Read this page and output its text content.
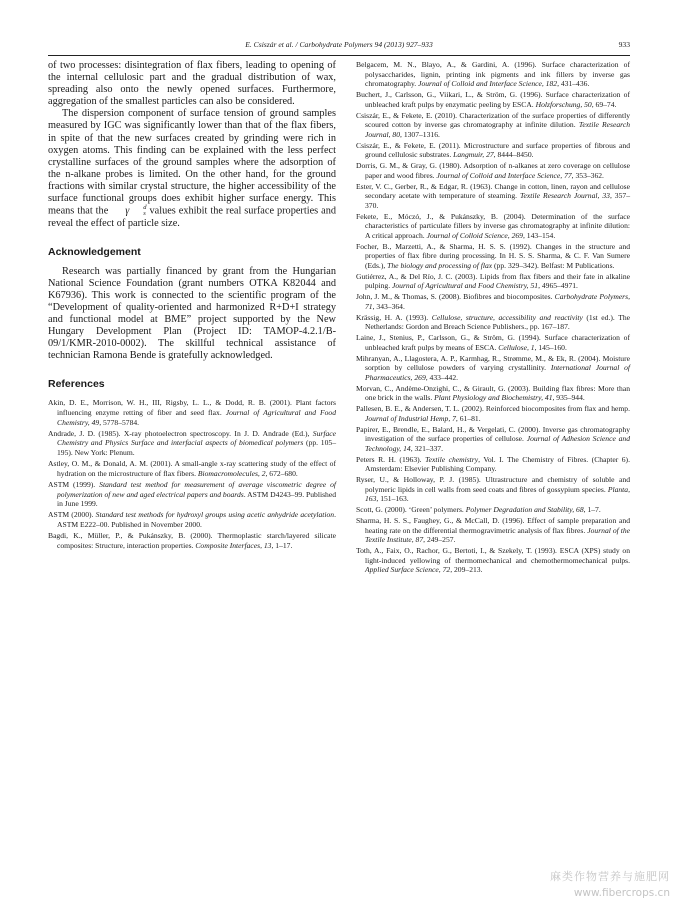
E. Csiszár et al. / Carbohydrate Polymers 94 (2013) 927–933	933

of two processes: disintegration of flax fibers, leading to opening of the internal cellulosic part and the gradual distribution of wax, spreading also onto the newly opened surfaces. Furthermore, aggregation of the smallest particles can also be considered.

The dispersion component of surface tension of ground samples measured by IGC was significantly lower than that of the flax fibers, in spite of that the new surfaces created by grinding were rich in oxygen atoms. This finding can be explained with the less perfect crystalline surfaces of the ground samples where the adsorption of the n-alkane probes is limited. On the other hand, for the ground fractions with similar crystal structure, the higher accessibility of the surface functional groups does exhibit higher surface energy. This means that the γ	d
s values exhibit the real surface properties and reveal the effect of particle size.

Acknowledgement

Research was partially financed by grant from the Hungarian National Science Foundation (grant numbers OTKA K82044 and K67936). This work is connected to the scientific program of the “Development of quality-oriented and harmonized R+D+I strategy and functional model at BME” project supported by the New Hungary Development Plan (Project ID: TAMOP-4.2.1/B-09/1/KMR-2010-0002). The skillful technical assistance of technician Ramona Bende is gratefully acknowledged.

References

Akin, D. E., Morrison, W. H., III, Rigsby, L. L., & Dodd, R. B. (2001). Plant factors influencing enzyme retting of fiber and seed flax. Journal of Agricultural and Food Chemistry, 49, 5778–5784.

Andrade, J. D. (1985). X-ray photoelectron spectroscopy. In J. D. Andrade (Ed.), Surface Chemistry and Physics Surface and interfacial aspects of biomedical polymers (pp. 105–195). New York: Plenum.

Astley, O. M., & Donald, A. M. (2001). A small-angle x-ray scattering study of the effect of hydration on the microstructure of flax fibers. Biomacromolecules, 2, 672–680.

ASTM (1999). Standard test method for measurement of average viscometric degree of polymerization of new and aged electrical papers and boards. ASTM D4243–99. Published in June 1999.

ASTM (2000). Standard test methods for hydroxyl groups using acetic anhydride acetylation. ASTM E222–00. Published in November 2000.

Bagdi, K., Müller, P., & Pukánszky, B. (2000). Thermoplastic starch/layered silicate composites: Structure, interaction properties. Composite Interfaces, 13, 1–17.

Belgacem, M. N., Blayo, A., & Gardini, A. (1996). Surface characterization of polysaccharides, lignin, printing ink pigments and ink fillers by inverse gas chromatography. Journal of Colloid and Interface Science, 182, 431–436.

Buchert, J., Carlsson, G., Viikari, L., & Ström, G. (1996). Surface characterization of unbleached kraft pulps by enzymatic peeling by ESCA. Holzforschung, 50, 69–74.

Csiszár, E., & Fekete, E. (2010). Characterization of the surface properties of differently scoured cotton by inverse gas chromatography at infinite dilution. Textile Research Journal, 80, 1307–1316.

Csiszár, E., & Fekete, E. (2011). Microstructure and surface properties of fibrous and ground cellulosic substrates. Langmuir, 27, 8444–8450.

Dorris, G. M., & Gray, G. (1980). Adsorption of n-alkanes at zero coverage on cellulose paper and wood fibres. Journal of Colloid and Interface Science, 77, 353–362.

Ester, V. C., Gerber, R., & Edgar, R. (1963). Change in cotton, linen, rayon and cellulose secondary acetate with temperature of steaming. Textile Research Journal, 33, 357–370.

Fekete, E., Móczó, J., & Pukánszky, B. (2004). Determination of the surface characteristics of particulate fillers by inverse gas chromatography at infinite dilution: A critical approach. Journal of Colloid Science, 269, 143–154.

Focher, B., Marzetti, A., & Sharma, H. S. S. (1992). Changes in the structure and properties of flax fibre during processing. In H. S. S. Sharma, & C. F. Van Sumere (Eds.), The biology and processing of flax (pp. 329–342). Belfast: M Publications.

Gutiérrez, A., & Del Río, J. C. (2003). Lipids from flax fibers and their fate in alkaline pulping. Journal of Agricultural and Food Chemistry, 51, 4965–4971.

John, J. M., & Thomas, S. (2008). Biofibres and biocomposites. Carbohydrate Polymers, 71, 343–364.

Krässig, H. A. (1993). Cellulose, structure, accessibility and reactivity (1st ed.). The Netherlands: Gordon and Breach Science Publishers., pp. 167–187.

Laine, J., Stenius, P., Carlsson, G., & Ström, G. (1994). Surface characterization of unbleached kraft pulps by means of ESCA. Cellulose, 1, 145–160.

Mihranyan, A., Llagostera, A. P., Karmhag, R., Strømme, M., & Ek, R. (2004). Moisture sorption by cellulose powders of varying crystallinity. International Journal of Pharmaceutics, 269, 433–442.

Morvan, C., Andème-Onzighi, C., & Girault, G. (2003). Building flax fibres: More than one brick in the walls. Plant Physiology and Biochemistry, 41, 935–944.

Pallesen, B. E., & Andersen, T. L. (2002). Reinforced biocomposites from flax and hemp. Journal of Industrial Hemp, 7, 61–81.

Papirer, E., Brendle, E., Balard, H., & Vergelati, C. (2000). Inverse gas chromatography investigation of the surface properties of cellulose. Journal of Adhesion Science and Technology, 14, 321–337.

Peters R. H. (1963). Textile chemistry, Vol. I. The Chemistry of Fibres. (Chapter 6). Amsterdam: Elsevier Publishing Company.

Ryser, U., & Holloway, P. J. (1985). Ultrastructure and chemistry of soluble and polymeric lipids in cell walls from seed coats and fibres of gossypium species. Planta, 163, 151–163.

Scott, G. (2000). ‘Green’ polymers. Polymer Degradation and Stability, 68, 1–7.

Sharma, H. S. S., Faughey, G., & McCall, D. (1996). Effect of sample preparation and heating rate on the differential thermogravimetric analysis of flax fibres. Journal of the Textile Institute, 87, 249–257.

Toth, A., Faix, O., Rachor, G., Bertoti, I., & Szekely, T. (1993). ESCA (XPS) study on light-induced yellowing of thermomechanical and chemothermomechanical pulps. Applied Surface Science, 72, 209–213.

麻类作物营养与施肥网
www.fibercrops.cn
